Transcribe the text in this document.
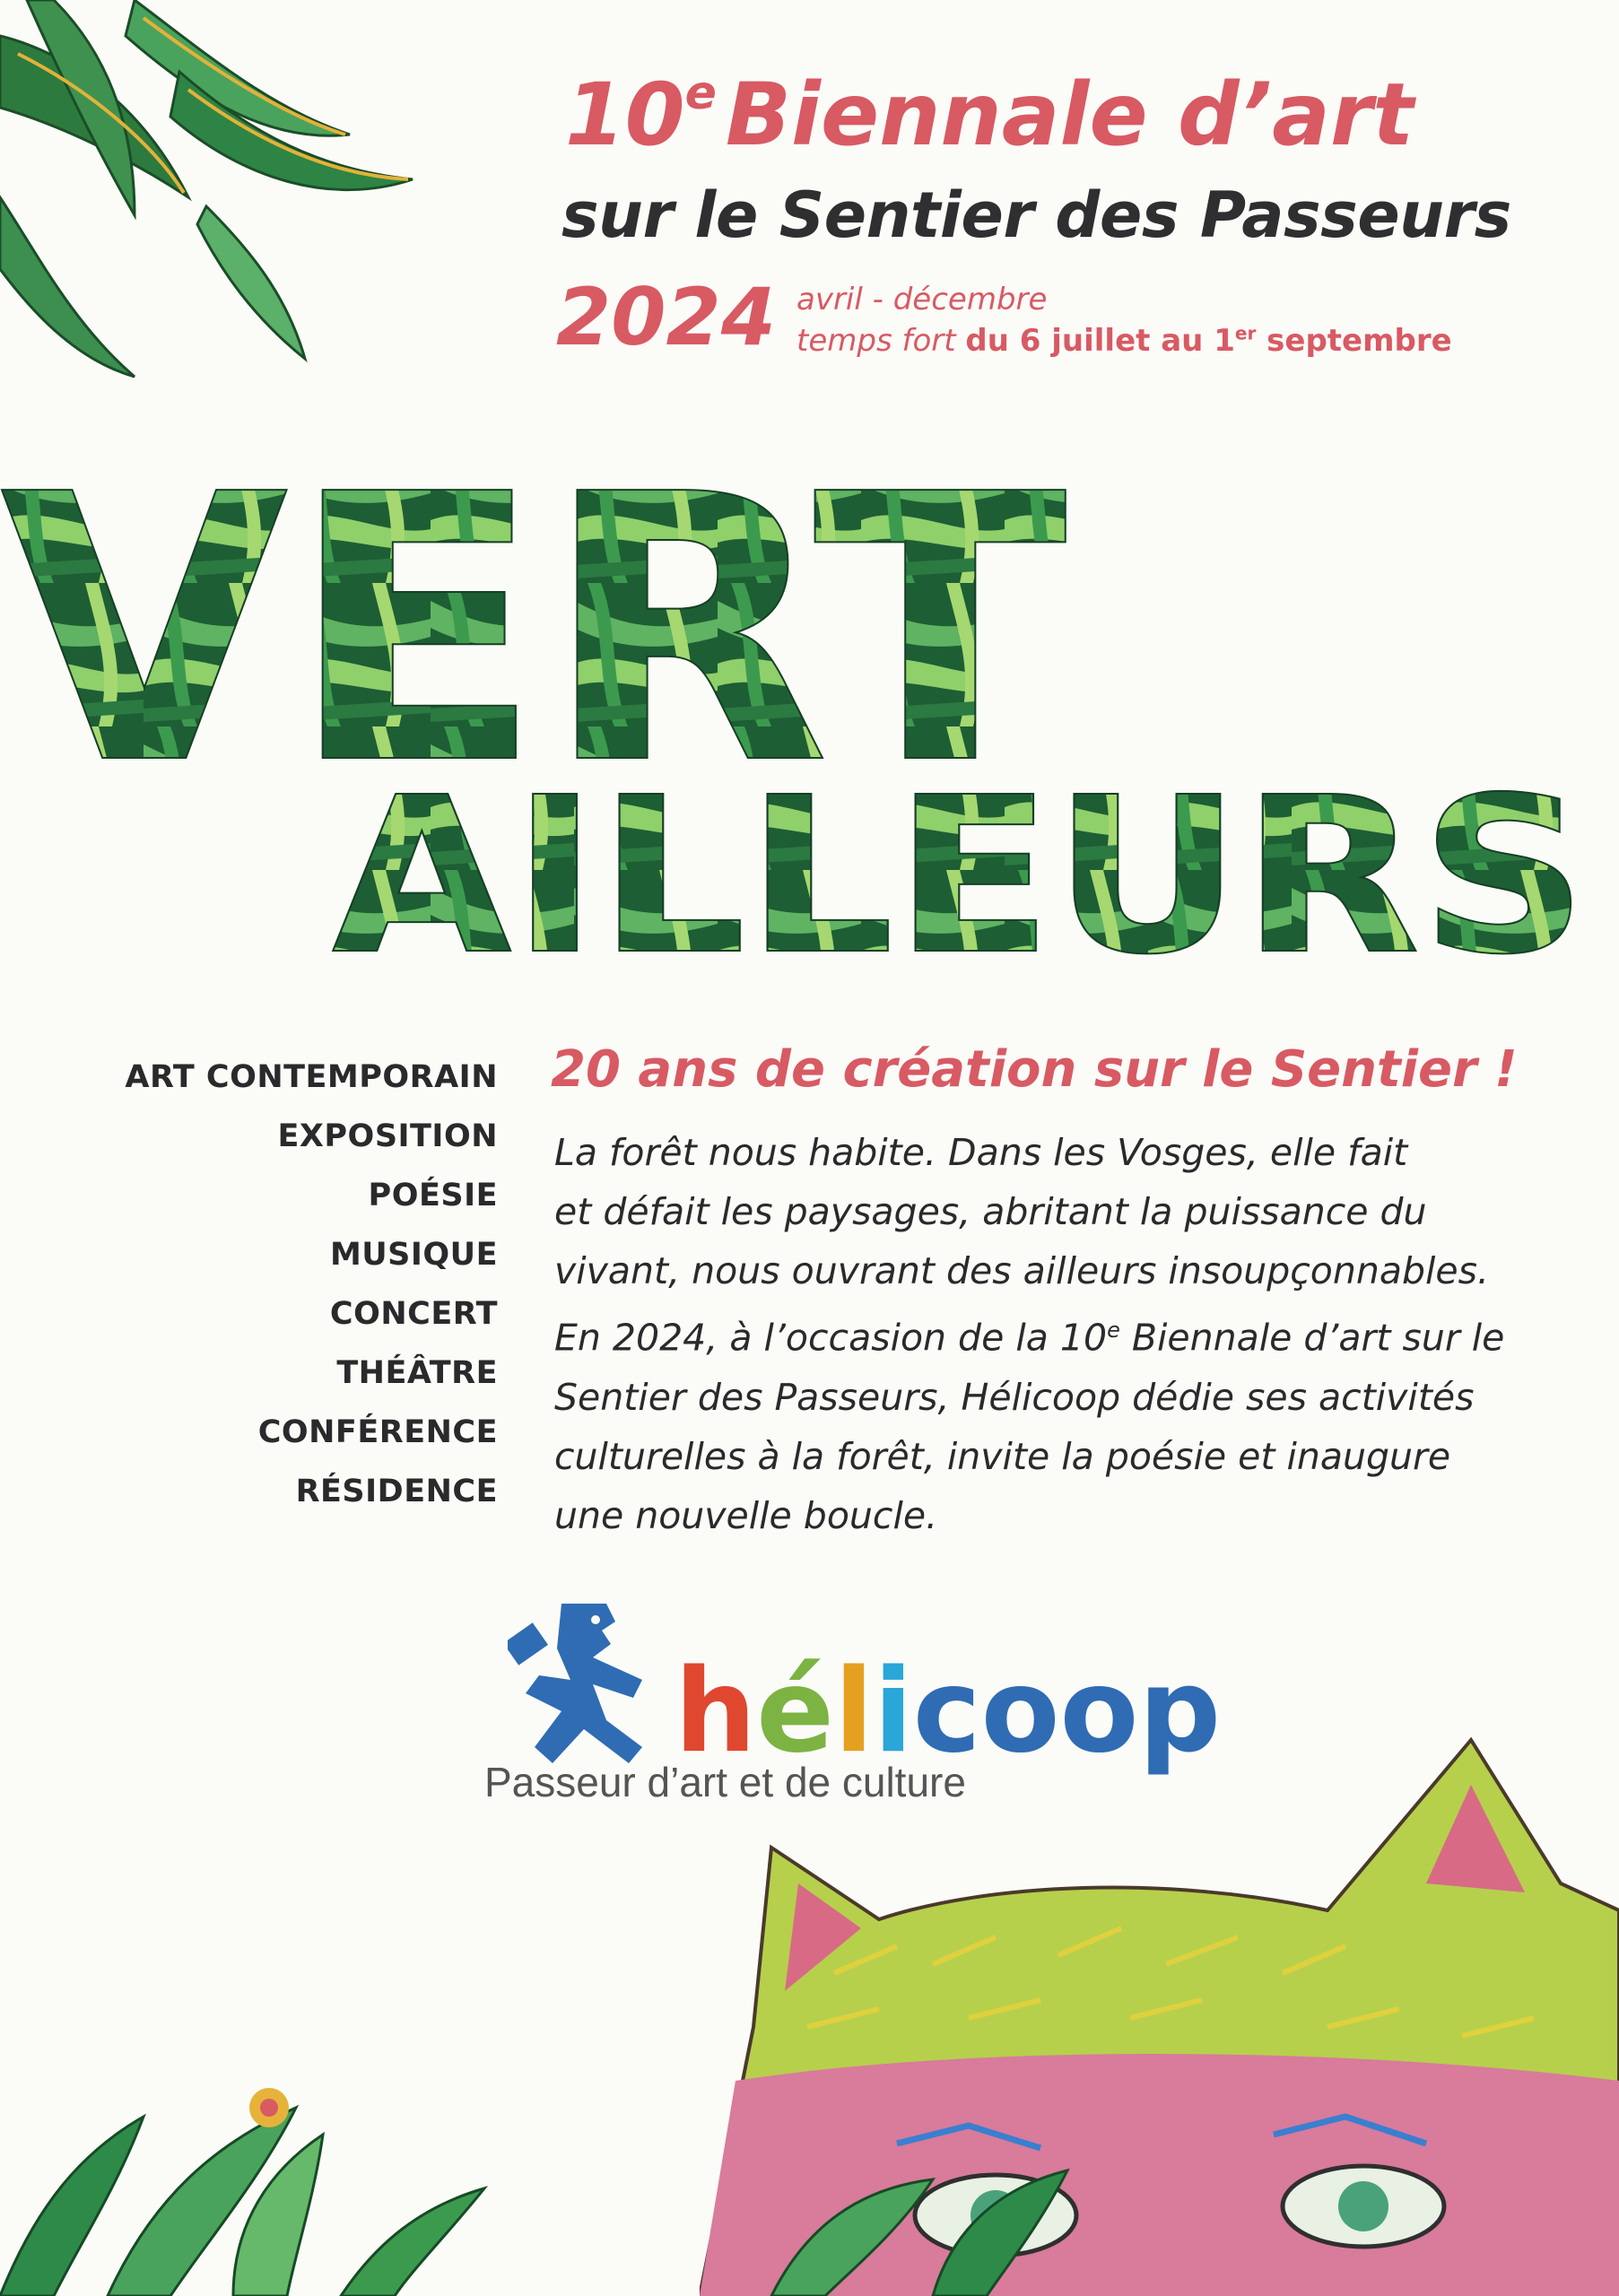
10e Biennale d’art
sur le Sentier des Passeurs
2024 avril - décembre
temps fort du 6 juillet au 1er septembre
VERT
AILLEURS
ART CONTEMPORAIN
EXPOSITION
POÉSIE
MUSIQUE
CONCERT
THÉÂTRE
CONFÉRENCE
RÉSIDENCE
20 ans de création sur le Sentier !

La forêt nous habite. Dans les Vosges, elle fait

et défait les paysages, abritant la puissance du

vivant, nous ouvrant des ailleurs insoupçonnables.

En 2024, à l’occasion de la 10e Biennale d’art sur le

Sentier des Passeurs, Hélicoop dédie ses activités

culturelles à la forêt, invite la poésie et inaugure

une nouvelle boucle.

hélicoop
Passeur d’art et de culture
